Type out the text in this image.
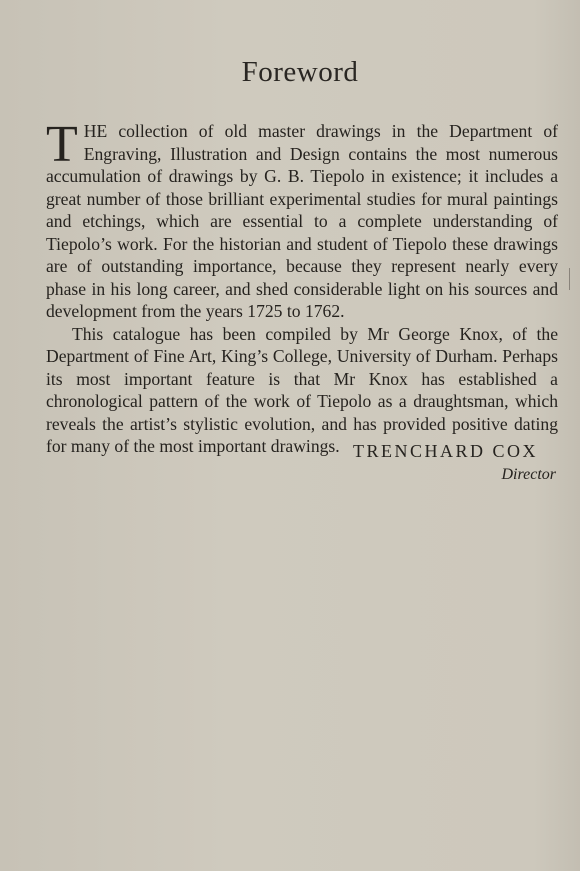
Foreword

THE collection of old master drawings in the Department of Engraving, Illustration and Design contains the most numerous accumulation of drawings by G. B. Tiepolo in existence; it includes a great number of those brilliant experimental studies for mural paintings and etchings, which are essential to a complete understanding of Tiepolo’s work. For the historian and student of Tiepolo these drawings are of outstanding importance, because they represent nearly every phase in his long career, and shed considerable light on his sources and development from the years 1725 to 1762.

This catalogue has been compiled by Mr George Knox, of the Department of Fine Art, King’s College, University of Durham. Perhaps its most important feature is that Mr Knox has established a chronological pattern of the work of Tiepolo as a draughtsman, which reveals the artist’s stylistic evolution, and has provided positive dating for many of the most important drawings. TRENCHARD COX

Director
